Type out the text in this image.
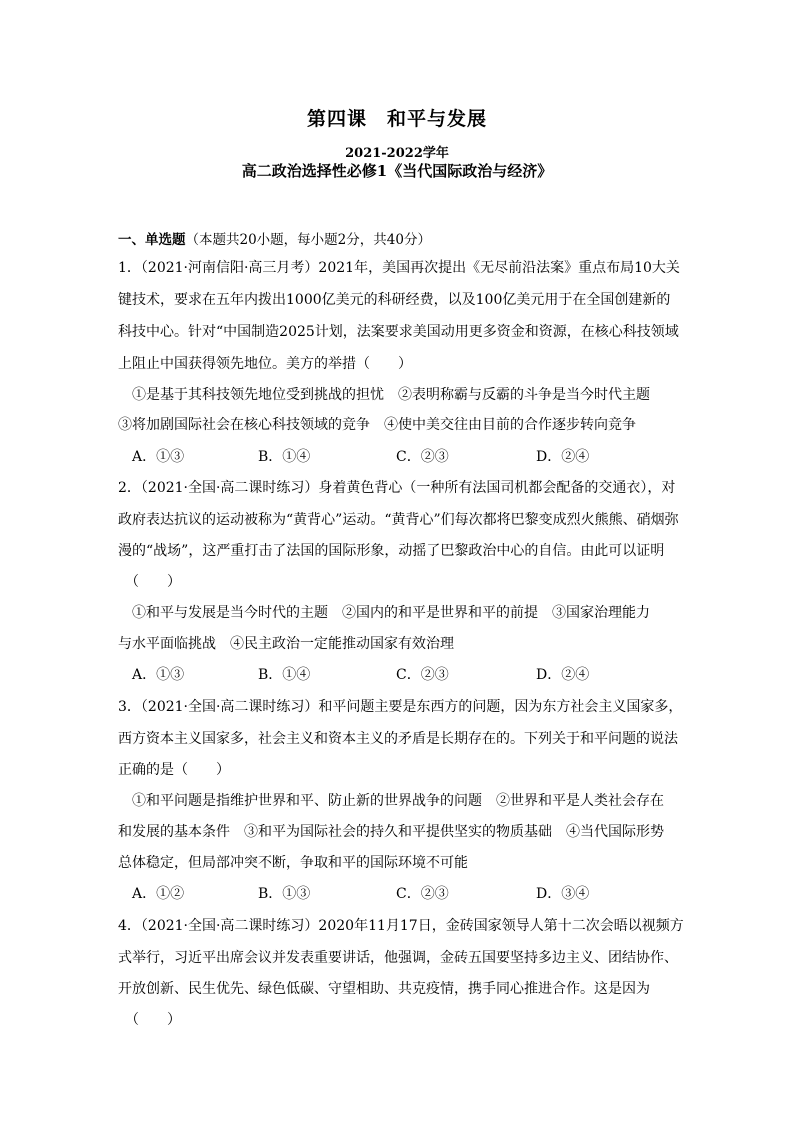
第四课　和平与发展
2021-2022学年
高二政治选择性必修1《当代国际政治与经济》
一、单选题（本题共20小题，每小题2分，共40分）
1．（2021·河南信阳·高三月考）2021年，美国再次提出《无尽前沿法案》重点布局10大关
键技术，要求在五年内拨出1000亿美元的科研经费，以及100亿美元用于在全国创建新的
科技中心。针对“中国制造2025计划，法案要求美国动用更多资金和资源，在核心科技领域
上阻止中国获得领先地位。美方的举措（　　）
①是基于其科技领先地位受到挑战的担忧　②表明称霸与反霸的斗争是当今时代主题
③将加剧国际社会在核心科技领域的竞争　④使中美交往由目前的合作逐步转向竞争
A．①③	B．①④	C．②③	D．②④
2．（2021·全国·高二课时练习）身着黄色背心（一种所有法国司机都会配备的交通衣），对
政府表达抗议的运动被称为“黄背心”运动。“黄背心”们每次都将巴黎变成烈火熊熊、硝烟弥
漫的“战场”，这严重打击了法国的国际形象，动摇了巴黎政治中心的自信。由此可以证明
（　　）
①和平与发展是当今时代的主题　②国内的和平是世界和平的前提　③国家治理能力
与水平面临挑战　④民主政治一定能推动国家有效治理
A．①③	B．①④	C．②③	D．②④
3．（2021·全国·高二课时练习）和平问题主要是东西方的问题，因为东方社会主义国家多，
西方资本主义国家多，社会主义和资本主义的矛盾是长期存在的。下列关于和平问题的说法
正确的是（　　）
①和平问题是指维护世界和平、防止新的世界战争的问题　②世界和平是人类社会存在
和发展的基本条件　③和平为国际社会的持久和平提供坚实的物质基础　④当代国际形势
总体稳定，但局部冲突不断，争取和平的国际环境不可能
A．①②	B．①③	C．②③	D．③④
4．（2021·全国·高二课时练习）2020年11月17日，金砖国家领导人第十二次会晤以视频方
式举行，习近平出席会议并发表重要讲话，他强调，金砖五国要坚持多边主义、团结协作、
开放创新、民生优先、绿色低碳、守望相助、共克疫情，携手同心推进合作。这是因为
（　　）
